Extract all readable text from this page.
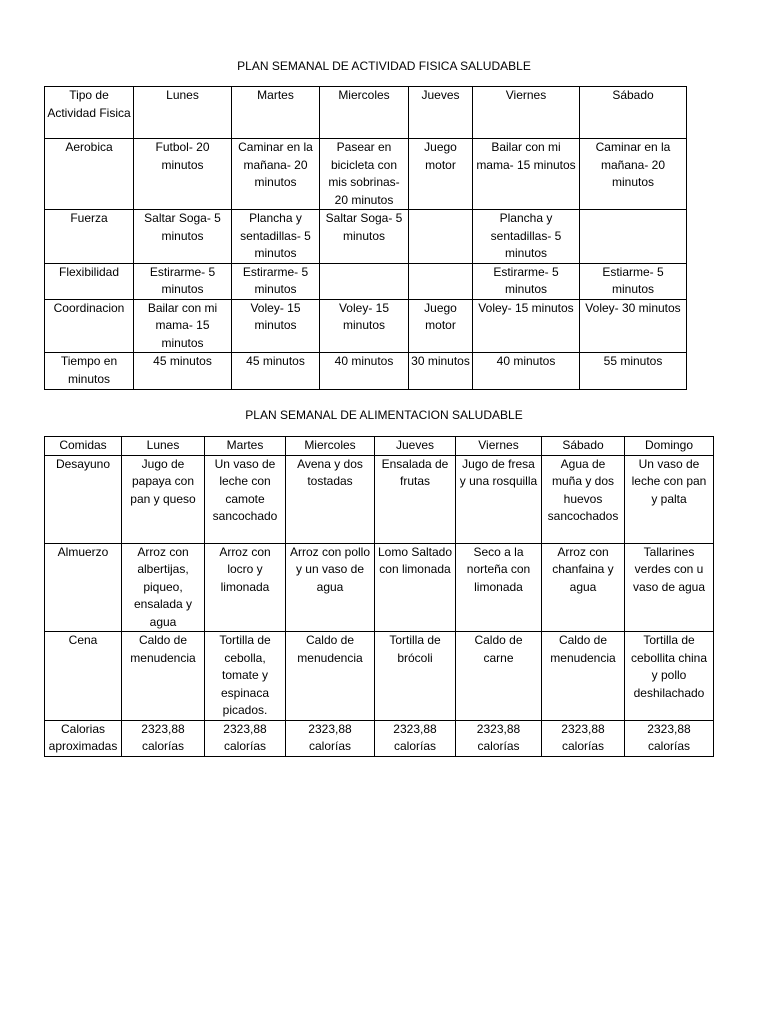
PLAN SEMANAL DE ACTIVIDAD FISICA SALUDABLE
Tipo de Actividad Fisica	Lunes	Martes	Miercoles	Jueves	Viernes	Sábado
Aerobica	Futbol- 20 minutos	Caminar en la mañana- 20 minutos	Pasear en bicicleta con mis sobrinas- 20 minutos	Juego motor	Bailar con mi mama- 15 minutos	Caminar en la mañana- 20 minutos
Fuerza	Saltar Soga- 5 minutos	Plancha y sentadillas- 5 minutos	Saltar Soga- 5 minutos		Plancha y sentadillas- 5 minutos	
Flexibilidad	Estirarme- 5 minutos	Estirarme- 5 minutos			Estirarme- 5 minutos	Estiarme- 5 minutos
Coordinacion	Bailar con mi mama- 15 minutos	Voley- 15 minutos	Voley- 15 minutos	Juego motor	Voley- 15 minutos	Voley- 30 minutos
Tiempo en minutos	45 minutos	45 minutos	40 minutos	30 minutos	40 minutos	55 minutos
PLAN SEMANAL DE ALIMENTACION SALUDABLE
Comidas	Lunes	Martes	Miercoles	Jueves	Viernes	Sábado	Domingo
Desayuno	Jugo de papaya con pan y queso	Un vaso de leche con camote sancochado	Avena y dos tostadas	Ensalada de frutas	Jugo de fresa y una rosquilla	Agua de muña y dos huevos sancochados	Un vaso de leche con pan y palta
Almuerzo	Arroz con albertijas, piqueo, ensalada y agua	Arroz con locro y limonada	Arroz con pollo y un vaso de agua	Lomo Saltado con limonada	Seco a la norteña con limonada	Arroz con chanfaina y agua	Tallarines verdes con u vaso de agua
Cena	Caldo de menudencia	Tortilla de cebolla, tomate y espinaca picados.	Caldo de menudencia	Tortilla de brócoli	Caldo de carne	Caldo de menudencia	Tortilla de cebollita china y pollo deshilachado
Calorias aproximadas	2323,88 calorías	2323,88 calorías	2323,88 calorías	2323,88 calorías	2323,88 calorías	2323,88 calorías	2323,88 calorías
